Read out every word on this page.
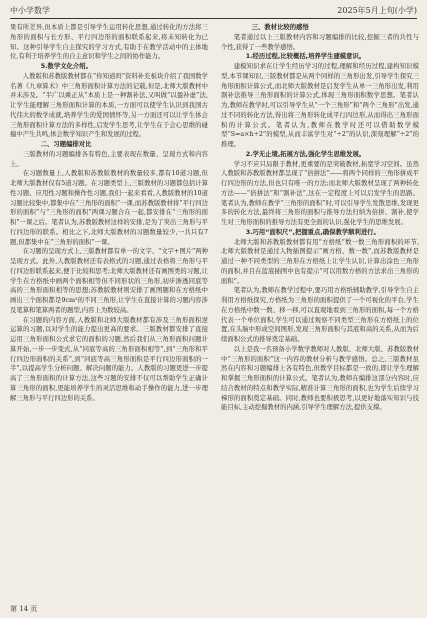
中小学数学	2025年5月上旬(小学)

果有所差异,但本质上都是引导学生运用转化思想,通过转化的方法将三角形的面积与长方形、平行四边形的面积联系起来,将未知转化为已知。这种引导学生自主探究的学习方式,有助于在教学活动中的主体地位,有利于培养学生的自主意识和学生之间的协作能力。

5.数学文化介绍。

人教版和苏教版教材都在“你知道吗”资料补充板块介绍了我国数学名著《九章算术》中三角形面积计算方法的记载,但是,北师大版教材中并未涉及。“半广以乘正从”本质上是一种割补法,又叫做“以盈补虚”法,让学生能理解三角形面积计算的本质,一方面可以使学生认识到我国古代伟大的数学成就,培养学生的爱国情怀等,另一方面还可以让学生体会三角形面积计算方法的多样性,启发学生思考,让学生在于会心思维的碰撞中产生共鸣,体会数学知识产生和发展的过程。

二、习题编排对比

三版教材的习题编排各有特色,主要表现在数量、呈现方式和内容上。

在习题数量上,人教版和苏教版教材的数量较多,都有10道习题,但北师大版教材仅有5道习题。在习题类型上,三版教材的习题都包括计算性习题、应用性习题和操作性习题,我们一起来看看,人教版教材的10道习题比较集中,都集中在“三角形的面积”一课,而苏教版教材将“平行四边形的面积”与“三角形的面积”两课习题合在一起,都安排在“三角形的面积”一课之后。笔者认为,苏教版教材这样的安排,是为了突出三角形与平行四边形的联系。相比之下,北师大版教材的习题数量较少,一共只有7题,但都集中在“三角形的面积”一课。

在习题的呈现方式上,三版教材都有单一的文字、“文字+图片”两种呈现方式。此外,人教版教材还有表格式的习题,通过表格将三角形与平行四边形联系起来,便于比较和思考;北师大版教材还有画图类的习题,让学生在方格纸中画两个面积相等但不同形状的三角形,初步渗透同底等高的三角形面积相等的思想;苏教版教材则安排了画图题和在方格纸中画出三个面积都是9cm²的不同三角形,让学生在直接计算的习题内容涉及笔算和笔算两者的题型,内容上为数较高。

在习题的内容方面,人教版和北师大版教材都有涉及三角形面积逆运算的习题,以对学生的能力提出更高的要求。三版教材都安排了直接运用三角形面积公式求它的面积的习题,然后我们从三角形面积问题计算开始,一步一步变式,从“同底等高的三角形面积相等”,到“三角形和平行四边形面积的关系”,到“同底等高三角形面积是平行四边形面积的一半”,以提高学生分析问题、解决问题的能力。人教版的习题更进一步提高了三角形面积的计算方法,这些习题的安排不仅可以帮助学生正确计算三角形的面积,更能培养学生的灵活思维和动手操作的能力,进一步理解三角形与平行四边形的关系。

三、教材比较的感悟

笔者通过以上三版教材内容和习题编排的比较,挖掘三者的共性与个性,获得了一些教学感悟。

1.经历过程,比较概括,培养学生建模意识。

建模知识求在让学生经历学习的过程,理解和经历过程,建构知识模型,本节课知识,三版教材都是从两个同样的三角形出发,引导学生探究三角形面积计算公式,而北师大版教材是启发学生从单一三角形出发,利用割补法推导三角形面积的计算公式,体现三角形面积数学思想。笔者认为,教师在教学时,可以引导学生从“一个三角形”和“两个三角形”出发,通过不同的转化方法,得出将三角形转化成平行四边形,从而得出三角形面积的计算公式。笔者认为,教师在教学时还可以借助数学模型“S=a×h÷2”的模型,从而丰富学生对“÷2”的认识,深刻理解“÷2”的推理。

2.学无止境,拓展方法,强化学生思维发展。

学习不应只局限于教材,更重要的是突破教材,拓宽学习空间。虽然人教版和苏教版教材都呈现了“倍拼法”——将两个同样的三角形拼成平行四边形的方法,但也只有唯一的方法;而北师大版教材呈现了两种转化方法——“倍拼法”和“割补法”,这在一定程度上可以启发学生的思路。笔者认为,教师在教学“三角形的面积”时,可以引导学生发散思维,发现更多的转化方法,最终将三角形的面积与推导方法归纳为倍拼、割补,使学生对三角形面积的推导方法有更全面的认识,强化学生的思维发展。

3.巧用“面积尺”,把握重点,确保教学顺利进行。

北师大版和苏教版教材都有用“方格纸”数一数三角形面积的环节,北师大版教材是通过人物插图提示“画方格、数一数”,而苏教版教材是通过一种不同类型的三角形在方格纸上让学生认识,计算出涂色三角形的面积,并且在蓝底插图中也有提示“可以用数方格的方法求出三角形的面积”。

笔者认为,教师在教学过程中,要巧用方格纸辅助教学,引导学生自主利用方格纸探究,方格纸为三角形的面积提供了一个可视化的平台,学生在方格纸中数一数、移一移,可以直观地看到三角形的面积,每一个方格代表一个单位面积,学生可以通过观察不同类型三角形在方格纸上的位置,在头脑中形成空间图形,发现三角形面积与其底和高的关系,从而为后续面积公式的推导奠定基础。

以上是我一名预备小学数学教师对人教版、北师大版、苏教版教材中“三角形的面积”这一内容的教材分析与教学感悟。总之,三版教材虽然在内容和习题编排上各有特色,但教学目标都是一致的,即让学生理解和掌握三角形面积的计算公式。笔者认为,教师在编排这部分内容时,应结合教材的特点和教学实际,精准计算三角形的面积,也为学生后续学习梯形的面积奠定基础。同时,教师也要积极思考,以更好地落实知识与技能目标,主动挖掘教材的内涵,引导学生理解方法,提供支撑。

第 14 页
